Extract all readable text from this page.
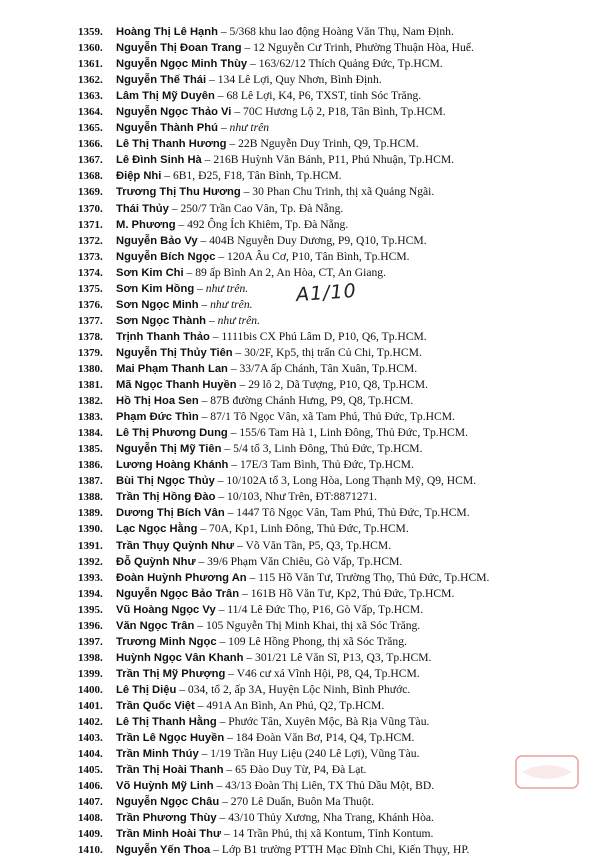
1359. Hoàng Thị Lê Hạnh – 5/368 khu lao động Hoàng Văn Thụ, Nam Định.
1360. Nguyễn Thị Đoan Trang – 12 Nguyễn Cư Trinh, Phường Thuận Hòa, Huế.
1361. Nguyễn Ngọc Minh Thùy – 163/62/12 Thích Quảng Đức, Tp.HCM.
1362. Nguyễn Thế Thái – 134 Lê Lợi, Quy Nhơn, Bình Định.
1363. Lâm Thị Mỹ Duyên – 68 Lê Lợi, K4, P6, TXST, tỉnh Sóc Trăng.
1364. Nguyễn Ngọc Thảo Vi – 70C Hương Lộ 2, P18, Tân Bình, Tp.HCM.
1365. Nguyễn Thành Phú – như trên
1366. Lê Thị Thanh Hương – 22B Nguyễn Duy Trinh, Q9, Tp.HCM.
1367. Lê Đình Sinh Hà – 216B Huỳnh Văn Bánh, P11, Phú Nhuận, Tp.HCM.
1368. Điệp Nhi – 6B1, Đ25, F18, Tân Bình, Tp.HCM.
1369. Trương Thị Thu Hương – 30 Phan Chu Trinh, thị xã Quảng Ngãi.
1370. Thái Thủy – 250/7 Trần Cao Vân, Tp. Đà Nẵng.
1371. M. Phương – 492 Ông Ích Khiêm, Tp. Đà Nẵng.
1372. Nguyễn Bảo Vy – 404B Nguyễn Duy Dương, P9, Q10, Tp.HCM.
1373. Nguyễn Bích Ngọc – 120A Âu Cơ, P10, Tân Bình, Tp.HCM.
1374. Sơn Kim Chi – 89 ấp Bình An 2, An Hòa, CT, An Giang.
1375. Sơn Kim Hồng – như trên.
1376. Sơn Ngọc Minh – như trên.
1377. Sơn Ngọc Thành – như trên.
1378. Trịnh Thanh Thảo – 1111bis CX Phú Lâm D, P10, Q6, Tp.HCM.
1379. Nguyễn Thị Thủy Tiên – 30/2F, Kp5, thị trấn Củ Chi, Tp.HCM.
1380. Mai Phạm Thanh Lan – 33/7A ấp Chánh, Tân Xuân, Tp.HCM.
1381. Mã Ngọc Thanh Huyền – 29 lô 2, Dã Tượng, P10, Q8, Tp.HCM.
1382. Hồ Thị Hoa Sen – 87B đường Chánh Hưng, P9, Q8, Tp.HCM.
1383. Phạm Đức Thìn – 87/1 Tô Ngọc Vân, xã Tam Phú, Thủ Đức, Tp.HCM.
1384. Lê Thị Phương Dung – 155/6 Tam Hà 1, Linh Đông, Thủ Đức, Tp.HCM.
1385. Nguyễn Thị Mỹ Tiên – 5/4 tổ 3, Linh Đông, Thủ Đức, Tp.HCM.
1386. Lương Hoàng Khánh – 17E/3 Tam Bình, Thủ Đức, Tp.HCM.
1387. Bùi Thị Ngọc Thủy – 10/102A tổ 3, Long Hòa, Long Thạnh Mỹ, Q9, HCM.
1388. Trần Thị Hồng Đào – 10/103, Như Trên, ĐT:8871271.
1389. Dương Thị Bích Vân – 1447 Tô Ngọc Vân, Tam Phú, Thủ Đức, Tp.HCM.
1390. Lạc Ngọc Hằng – 70A, Kp1, Linh Đông, Thủ Đức, Tp.HCM.
1391. Trần Thụy Quỳnh Như – Võ Văn Tần, P5, Q3, Tp.HCM.
1392. Đỗ Quỳnh Như – 39/6 Phạm Văn Chiêu, Gò Vấp, Tp.HCM.
1393. Đoàn Huỳnh Phương An – 115 Hồ Văn Tư, Trường Thọ, Thủ Đức, Tp.HCM.
1394. Nguyễn Ngọc Bảo Trân – 161B Hồ Văn Tư, Kp2, Thủ Đức, Tp.HCM.
1395. Vũ Hoàng Ngọc Vy – 11/4 Lê Đức Thọ, P16, Gò Vấp, Tp.HCM.
1396. Văn Ngọc Trân – 105 Nguyễn Thị Minh Khai, thị xã Sóc Trăng.
1397. Trương Minh Ngọc – 109 Lê Hồng Phong, thị xã Sóc Trăng.
1398. Huỳnh Ngọc Vân Khanh – 301/21 Lê Văn Sĩ, P13, Q3, Tp.HCM.
1399. Trần Thị Mỹ Phượng – V46 cư xá Vĩnh Hội, P8, Q4, Tp.HCM.
1400. Lê Thị Diệu – 034, tổ 2, ấp 3A, Huyện Lộc Ninh, Bình Phước.
1401. Trần Quốc Việt – 491A An Bình, An Phú, Q2, Tp.HCM.
1402. Lê Thị Thanh Hằng – Phước Tân, Xuyên Mộc, Bà Rịa Vũng Tàu.
1403. Trần Lê Ngọc Huyền – 184 Đoàn Văn Bơ, P14, Q4, Tp.HCM.
1404. Trần Minh Thúy – 1/19 Trần Huy Liệu (240 Lê Lợi), Vũng Tàu.
1405. Trần Thị Hoài Thanh – 65 Đào Duy Từ, P4, Đà Lạt.
1406. Võ Huỳnh Mỹ Linh – 43/13 Đoàn Thị Liên, TX Thủ Dầu Một, BD.
1407. Nguyễn Ngọc Châu – 270 Lê Duẩn, Buôn Ma Thuột.
1408. Trần Phương Thùy – 43/10 Thủy Xương, Nha Trang, Khánh Hòa.
1409. Trần Minh Hoài Thư – 14 Trần Phú, thị xã Kontum, Tỉnh Kontum.
1410. Nguyễn Yến Thoa – Lớp B1 trường PTTH Mạc Đĩnh Chi, Kiến Thụy, HP.
A1/10
